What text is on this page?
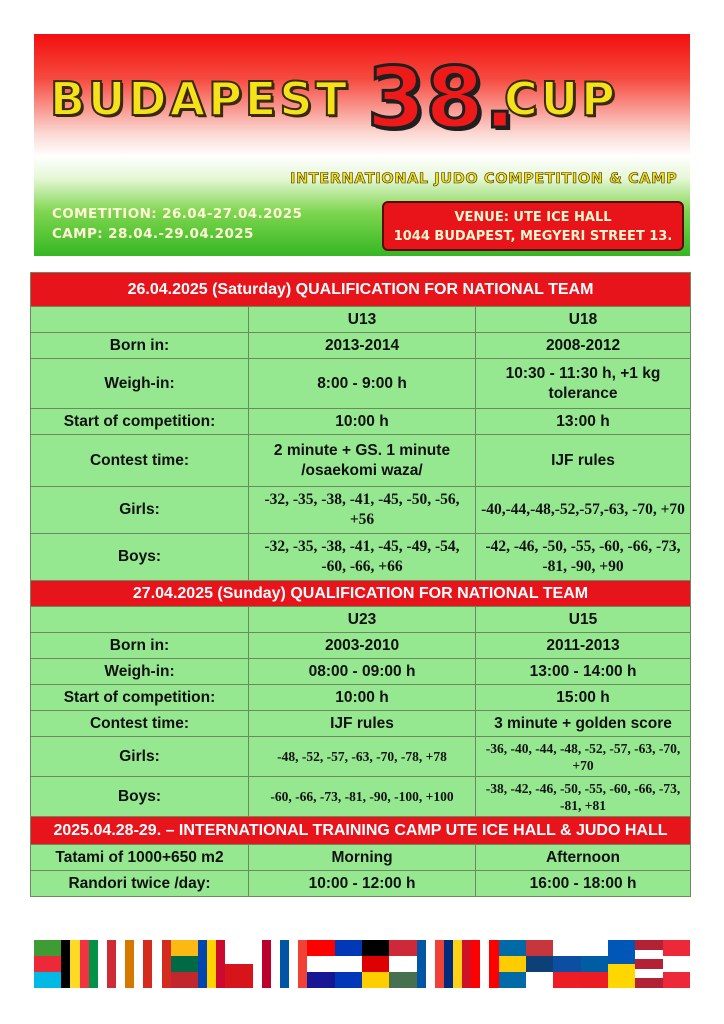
BUDAPEST 38.
CUP
INTERNATIONAL JUDO COMPETITION & CAMP
COMETITION: 26.04-27.04.2025
CAMP: 28.04.-29.04.2025
VENUE: UTE ICE HALL
1044 BUDAPEST, MEGYERI STREET 13.
26.04.2025 (Saturday) QUALIFICATION FOR NATIONAL TEAM		
	U13	U18
Born in:	2013-2014	2008-2012
Weigh-in:	8:00 - 9:00 h	10:30 - 11:30 h, +1 kg tolerance
Start of competition:	10:00 h	13:00 h
Contest time:	2 minute + GS. 1 minute /osaekomi waza/	IJF rules
Girls:	-32, -35, -38, -41, -45, -50, -56, +56	-40,-44,-48,-52,-57,-63, -70, +70
Boys:	-32, -35, -38, -41, -45, -49, -54, -60, -66, +66	-42, -46, -50, -55, -60, -66, -73, -81, -90, +90
27.04.2025 (Sunday) QUALIFICATION FOR NATIONAL TEAM		
	U23	U15
Born in:	2003-2010	2011-2013
Weigh-in:	08:00 - 09:00 h	13:00 - 14:00 h
Start of competition:	10:00 h	15:00 h
Contest time:	IJF rules	3 minute + golden score
Girls:	-48, -52, -57, -63, -70, -78, +78	-36, -40, -44, -48, -52, -57, -63, -70, +70
Boys:	-60, -66, -73, -81, -90, -100, +100	-38, -42, -46, -50, -55, -60, -66, -73, -81, +81
2025.04.28-29. – INTERNATIONAL TRAINING CAMP UTE ICE HALL & JUDO HALL		
Tatami of 1000+650 m2	Morning	Afternoon
Randori twice /day:	10:00 - 12:00 h	16:00 - 18:00 h
